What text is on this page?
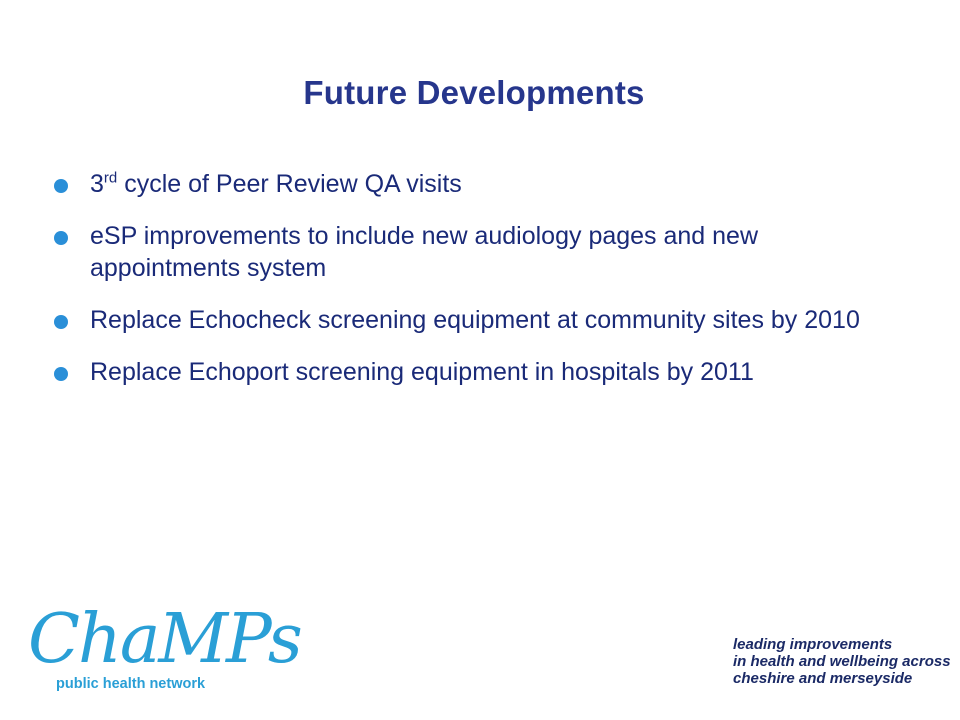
Future Developments
3rd cycle of Peer Review QA visits
eSP improvements to include new audiology pages and new appointments system
Replace Echocheck screening equipment at community sites by 2010
Replace Echoport screening equipment in hospitals by 2011
ChaMPs
public health network
leading improvements
in health and wellbeing across
cheshire and merseyside
